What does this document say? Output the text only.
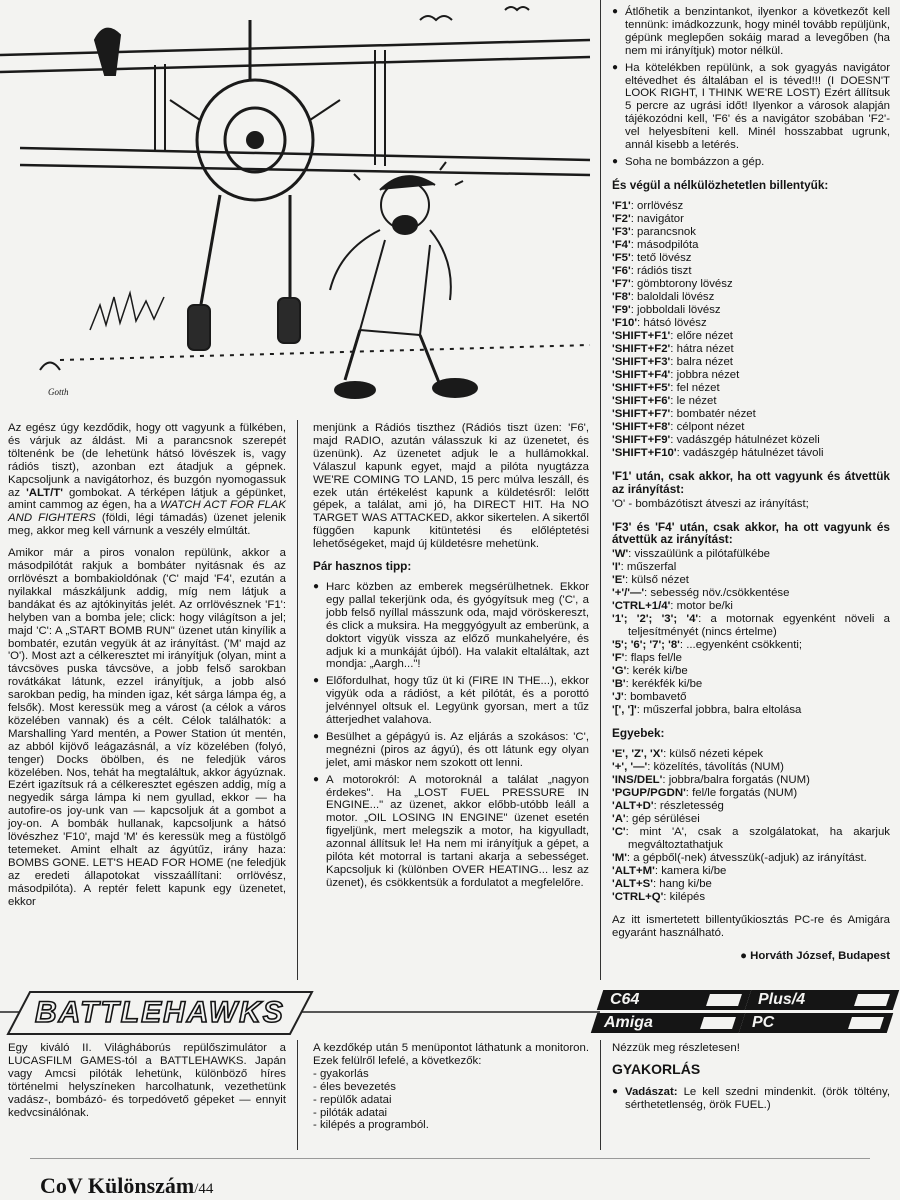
Gotth

Az egész úgy kezdődik, hogy ott vagyunk a fülkében, és várjuk az áldást. Mi a parancsnok szerepét töltenénk be (de lehetünk hátsó lövészek is, vagy rádiós tiszt), azonban ezt átadjuk a gépnek. Kapcsoljunk a navigátorhoz, és buzgón nyomogassuk az 'ALT/T' gombokat. A térképen látjuk a gépünket, amint cammog az égen, ha a WATCH ACT FOR FLAK AND FIGHTERS (földi, légi támadás) üzenet jelenik meg, akkor meg kell várnunk a veszély elmúltát.

Amikor már a piros vonalon repülünk, akkor a másodpilótát rakjuk a bombáter nyitásnak és az orrlövészt a bombakioldónak ('C' majd 'F4', ezután a nyilakkal mászkáljunk addig, míg nem látjuk a bandákat és az ajtókinyitás jelét. Az orrlövésznek 'F1': helyben van a bomba jele; click: hogy világítson a jel; majd 'C': A „START BOMB RUN" üzenet után kinyílik a bombatér, ezután vegyük át az irányítást. ('M' majd az 'O'). Most azt a célkeresztet mi irányítjuk (olyan, mint a távcsöves puska távcsöve, a jobb felső sarokban rovátkákat látunk, ezzel irányítjuk, a jobb alsó sarokban pedig, ha minden igaz, két sárga lámpa ég, a felsők). Most keressük meg a várost (a célok a város közelében vannak) és a célt. Célok találhatók: a Marshalling Yard mentén, a Power Station út mentén, az abból kijövő leágazásnál, a víz közelében (folyó, tenger) Docks öbölben, és ne feledjük város közelében. Nos, tehát ha megtaláltuk, akkor ágyúznak. Ezért igazítsuk rá a célkeresztet egészen addig, míg a negyedik sárga lámpa ki nem gyullad, ekkor — ha autofire-os joy-unk van — kapcsoljuk át a gombot a joy-on. A bombák hullanak, kapcsoljunk a hátsó lövészhez 'F10', majd 'M' és keressük meg a füstölgő tetemeket. Amint elhalt az ágyútűz, irány haza: BOMBS GONE. LET'S HEAD FOR HOME (ne feledjük az eredeti állapotokat visszaállítani: orrlövész, másodpilóta). A reptér felett kapunk egy üzenetet, ekkor

menjünk a Rádiós tiszthez (Rádiós tiszt üzen: 'F6', majd RADIO, azután válasszuk ki az üzenetet, és üzenünk). Az üzenetet adjuk le a hullámokkal. Válaszul kapunk egyet, majd a pilóta nyugtázza WE'RE COMING TO LAND, 15 perc múlva leszáll, és ezek után értékelést kapunk a küldetésről: lelőtt gépek, a találat, ami jó, ha DIRECT HIT. Ha NO TARGET WAS ATTACKED, akkor sikertelen. A sikertől függően kapunk kitüntetési és előléptetési lehetőségeket, majd új küldetésre mehetünk.

Pár hasznos tipp:
● Harc közben az emberek megsérülhetnek. Ekkor egy pallal tekerjünk oda, és gyógyítsuk meg ('C', a jobb felső nyíllal másszunk oda, majd vöröskereszt, és click a muksira. Ha meggyógyult az emberünk, a doktort vigyük vissza az előző munkahelyére, és adjuk ki a munkáját újból). Ha valakit eltaláltak, azt mondja: „Aargh..."!
● Előfordulhat, hogy tűz üt ki (FIRE IN THE...), ekkor vigyük oda a rádióst, a két pilótát, és a porottó jelvénnyel oltsuk el. Legyünk gyorsan, mert a tűz átterjedhet valahova.
● Besülhet a gépágyú is. Az eljárás a szokásos: 'C', megnézni (piros az ágyú), és ott látunk egy olyan jelet, ami máskor nem szokott ott lenni.
● A motorokról: A motoroknál a találat „nagyon érdekes". Ha „LOST FUEL PRESSURE IN ENGINE..." az üzenet, akkor előbb-utóbb leáll a motor. „OIL LOSING IN ENGINE" üzenet esetén figyeljünk, mert melegszik a motor, ha kigyulladt, azonnal állítsuk le! Ha nem mi irányítjuk a gépet, a pilóta két motorral is tartani akarja a sebességet. Kapcsoljuk ki (különben OVER HEATING... lesz az üzenet), és csökkentsük a fordulatot a megfelelőre.
● Átlőhetik a benzintankot, ilyenkor a következőt kell tennünk: imádkozzunk, hogy minél tovább repüljünk, gépünk meglepően sokáig marad a levegőben (ha nem mi irányítjuk) motor nélkül.
● Ha kötelékben repülünk, a sok gyagyás navigátor eltévedhet és általában el is téved!!! (I DOESN'T LOOK RIGHT, I THINK WE'RE LOST) Ezért állítsuk 5 percre az ugrási időt! Ilyenkor a városok alapján tájékozódni kell, 'F6' és a navigátor szobában 'F2'-vel helyesbíteni kell. Minél hosszabbat ugrunk, annál kisebb a letérés.
● Soha ne bombázzon a gép.
És végül a nélkülözhetetlen billentyűk:
'F1': orrlövész
'F2': navigátor
'F3': parancsnok
'F4': másodpilóta
'F5': tető lövész
'F6': rádiós tiszt
'F7': gömbtorony lövész
'F8': baloldali lövész
'F9': jobboldali lövész
'F10': hátsó lövész
'SHIFT+F1': előre nézet
'SHIFT+F2': hátra nézet
'SHIFT+F3': balra nézet
'SHIFT+F4': jobbra nézet
'SHIFT+F5': fel nézet
'SHIFT+F6': le nézet
'SHIFT+F7': bombatér nézet
'SHIFT+F8': célpont nézet
'SHIFT+F9': vadászgép hátulnézet közeli
'SHIFT+F10': vadászgép hátulnézet távoli
'F1' után, csak akkor, ha ott vagyunk és átvettük az irányítást:

'O' - bombázótiszt átveszi az irányítást;

'F3' és 'F4' után, csak akkor, ha ott vagyunk és átvettük az irányítást:
'W': visszaülünk a pilótafülkébe
'I': műszerfal
'E': külső nézet
'+'/'—': sebesség növ./csökkentése
'CTRL+1/4': motor be/ki
'1'; '2'; '3'; '4': a motornak egyenként növeli a teljesítményét (nincs értelme)
'5'; '6'; '7'; '8': ...egyenként csökkenti;
'F': flaps fel/le
'G': kerék ki/be
'B': kerékfék ki/be
'J': bombavető
'[', ']': műszerfal jobbra, balra eltolása
Egyebek:
'E', 'Z', 'X': külső nézeti képek
'+', '—': közelítés, távolítás (NUM)
'INS/DEL': jobbra/balra forgatás (NUM)
'PGUP/PGDN': fel/le forgatás (NUM)
'ALT+D': részletesség
'A': gép sérülései
'C': mint 'A', csak a szolgálatokat, ha akarjuk megváltoztathatjuk
'M': a gépből(-nek) átvesszük(-adjuk) az irányítást.
'ALT+M': kamera ki/be
'ALT+S': hang ki/be
'CTRL+Q': kilépés

Az itt ismertetett billentyűkiosztás PC-re és Amigára egyaránt használható.

● Horváth József, Budapest
BATTLEHAWKS	C64	Plus/4
Amiga	PC

Egy kiváló II. Világháborús repülőszimulátor a LUCASFILM GAMES-tól a BATTLEHAWKS. Japán vagy Amcsi pilóták lehetünk, különböző híres történelmi helyszíneken harcolhatunk, vezethetünk vadász-, bombázó- és torpedóvető gépeket — ennyit kedvcsinálónak.

A kezdőkép után 5 menüpontot láthatunk a monitoron. Ezek felülről lefelé, a következők:

- gyakorlás
- éles bevezetés
- repülők adatai
- pilóták adatai
- kilépés a programból.

Nézzük meg részletesen!

GYAKORLÁS
● Vadászat: Le kell szedni mindenkit. (örök töltény, sérthetetlenség, örök FUEL.)
CoV Különszám/44
